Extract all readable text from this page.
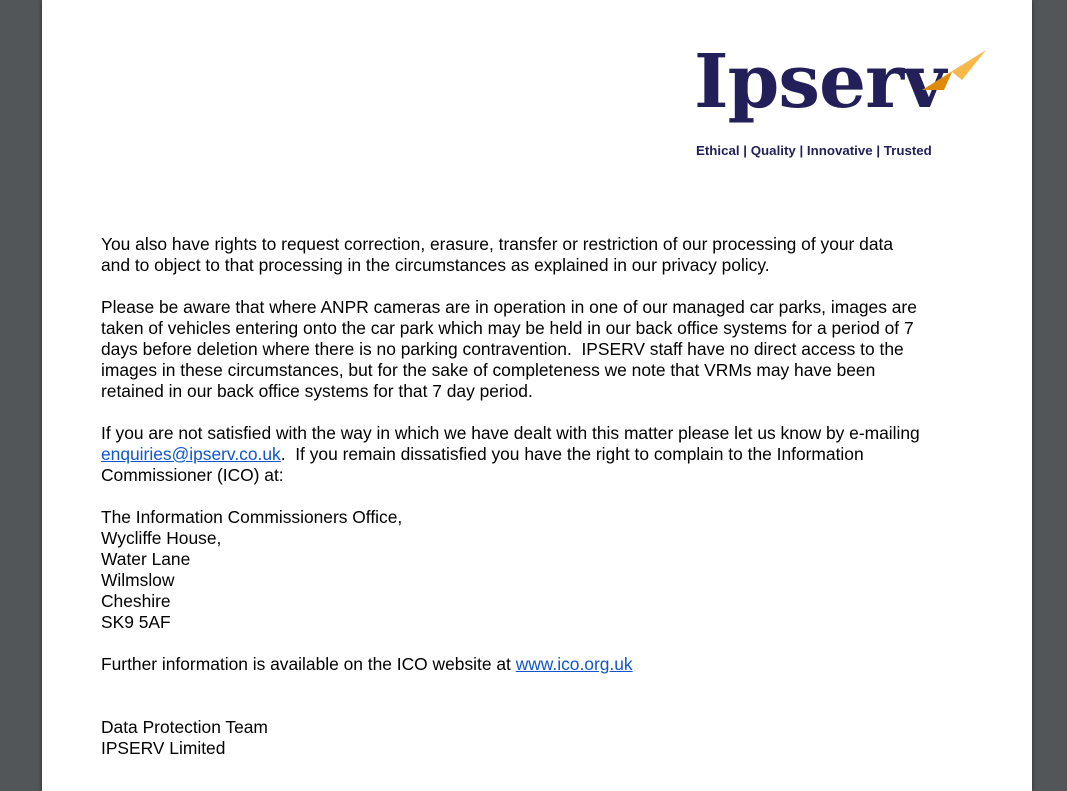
Ipserv
Ethical | Quality | Innovative | Trusted

You also have rights to request correction, erasure, transfer or restriction of our processing of your data
and to object to that processing in the circumstances as explained in our privacy policy.

Please be aware that where ANPR cameras are in operation in one of our managed car parks, images are
taken of vehicles entering onto the car park which may be held in our back office systems for a period of 7
days before deletion where there is no parking contravention.  IPSERV staff have no direct access to the
images in these circumstances, but for the sake of completeness we note that VRMs may have been
retained in our back office systems for that 7 day period.

If you are not satisfied with the way in which we have dealt with this matter please let us know by e-mailing
enquiries@ipserv.co.uk.  If you remain dissatisfied you have the right to complain to the Information
Commissioner (ICO) at:

The Information Commissioners Office,
Wycliffe House,
Water Lane
Wilmslow
Cheshire
SK9 5AF

Further information is available on the ICO website at www.ico.org.uk

Data Protection Team
IPSERV Limited
